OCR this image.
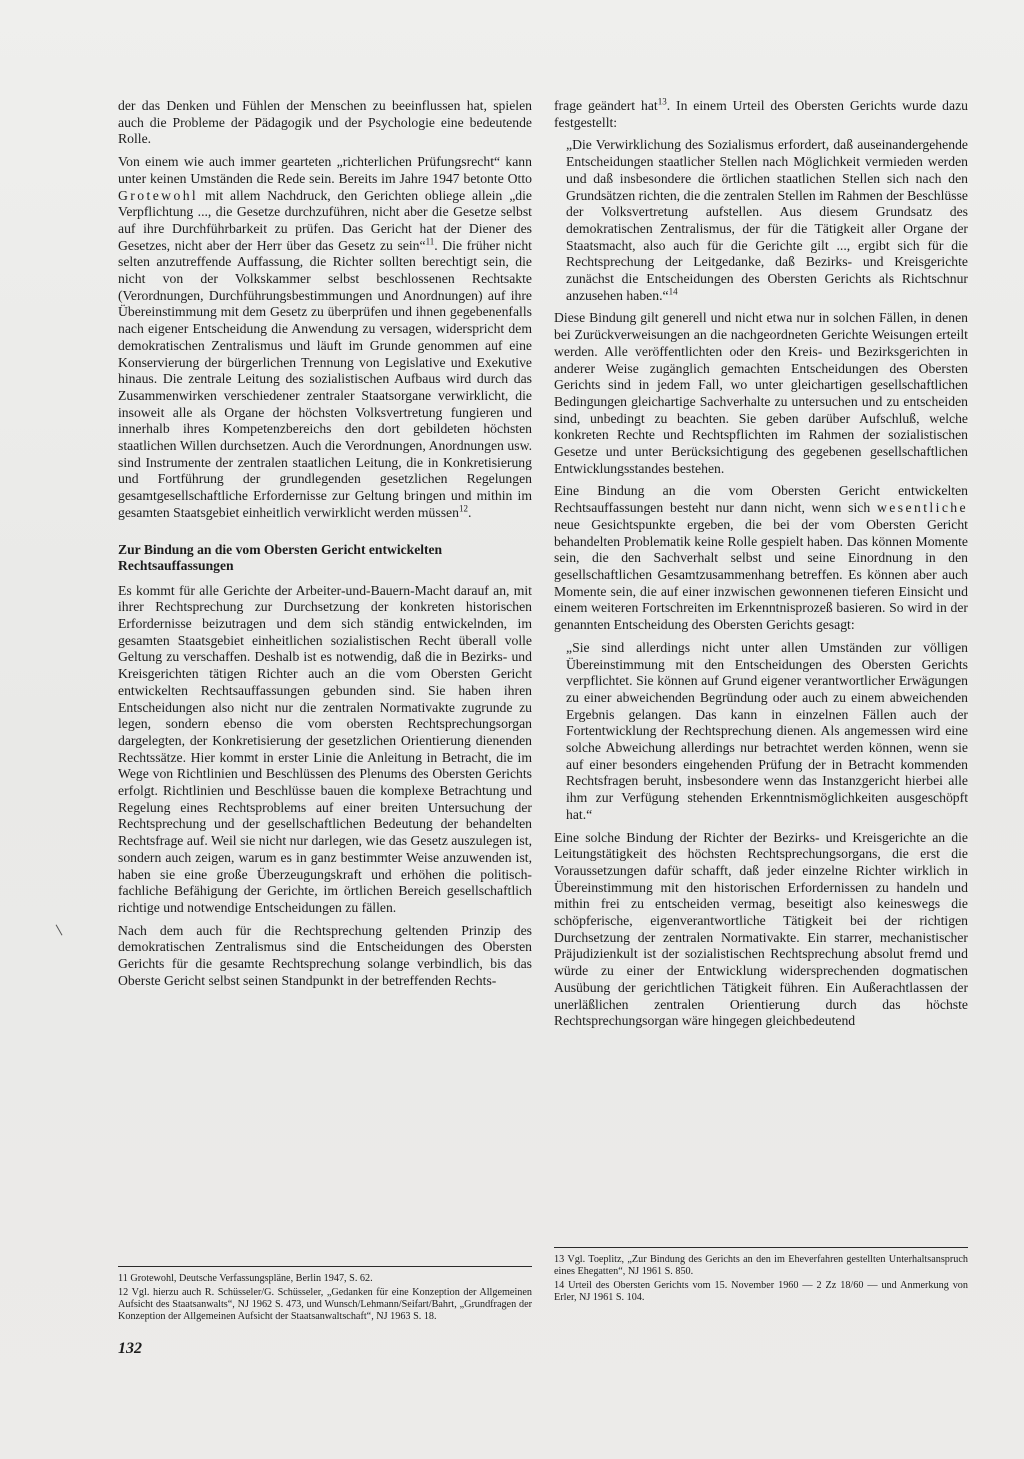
der das Denken und Fühlen der Menschen zu beeinflussen hat, spielen auch die Probleme der Pädagogik und der Psychologie eine bedeutende Rolle.

Von einem wie auch immer gearteten „richterlichen Prüfungsrecht“ kann unter keinen Umständen die Rede sein. Bereits im Jahre 1947 betonte Otto Grotewohl mit allem Nachdruck, den Gerichten obliege allein „die Verpflichtung ..., die Gesetze durchzuführen, nicht aber die Gesetze selbst auf ihre Durchführbarkeit zu prüfen. Das Gericht hat der Diener des Gesetzes, nicht aber der Herr über das Gesetz zu sein“$^{11}$. Die früher nicht selten anzutreffende Auffassung, die Richter sollten berechtigt sein, die nicht von der Volkskammer selbst beschlossenen Rechtsakte (Verordnungen, Durchführungsbestimmungen und Anordnungen) auf ihre Übereinstimmung mit dem Gesetz zu überprüfen und ihnen gegebenenfalls nach eigener Entscheidung die Anwendung zu versagen, widerspricht dem demokratischen Zentralismus und läuft im Grunde genommen auf eine Konservierung der bürgerlichen Trennung von Legislative und Exekutive hinaus. Die zentrale Leitung des sozialistischen Aufbaus wird durch das Zusammenwirken verschiedener zentraler Staatsorgane verwirklicht, die insoweit alle als Organe der höchsten Volksvertretung fungieren und innerhalb ihres Kompetenzbereichs den dort gebildeten höchsten staatlichen Willen durchsetzen. Auch die Verordnungen, Anordnungen usw. sind Instrumente der zentralen staatlichen Leitung, die in Konkretisierung und Fortführung der grundlegenden gesetzlichen Regelungen gesamtgesellschaftliche Erfordernisse zur Geltung bringen und mithin im gesamten Staatsgebiet einheitlich verwirklicht werden müssen$^{12}$.

Zur Bindung an die vom Obersten Gericht entwickelten Rechtsauffassungen

Es kommt für alle Gerichte der Arbeiter-und-Bauern-Macht darauf an, mit ihrer Rechtsprechung zur Durchsetzung der konkreten historischen Erfordernisse beizutragen und dem sich ständig entwickelnden, im gesamten Staatsgebiet einheitlichen sozialistischen Recht überall volle Geltung zu verschaffen. Deshalb ist es notwendig, daß die in Bezirks- und Kreisgerichten tätigen Richter auch an die vom Obersten Gericht entwickelten Rechtsauffassungen gebunden sind. Sie haben ihren Entscheidungen also nicht nur die zentralen Normativakte zugrunde zu legen, sondern ebenso die vom obersten Rechtsprechungsorgan dargelegten, der Konkretisierung der gesetzlichen Orientierung dienenden Rechtssätze. Hier kommt in erster Linie die Anleitung in Betracht, die im Wege von Richtlinien und Beschlüssen des Plenums des Obersten Gerichts erfolgt. Richtlinien und Beschlüsse bauen die komplexe Betrachtung und Regelung eines Rechtsproblems auf einer breiten Untersuchung der Rechtsprechung und der gesellschaftlichen Bedeutung der behandelten Rechtsfrage auf. Weil sie nicht nur darlegen, wie das Gesetz auszulegen ist, sondern auch zeigen, warum es in ganz bestimmter Weise anzuwenden ist, haben sie eine große Überzeugungskraft und erhöhen die politisch-fachliche Befähigung der Gerichte, im örtlichen Bereich gesellschaftlich richtige und notwendige Entscheidungen zu fällen.

Nach dem auch für die Rechtsprechung geltenden Prinzip des demokratischen Zentralismus sind die Entscheidungen des Obersten Gerichts für die gesamte Rechtsprechung solange verbindlich, bis das Oberste Gericht selbst seinen Standpunkt in der betreffenden Rechts-

frage geändert hat$^{13}$. In einem Urteil des Obersten Gerichts wurde dazu festgestellt:

„Die Verwirklichung des Sozialismus erfordert, daß auseinandergehende Entscheidungen staatlicher Stellen nach Möglichkeit vermieden werden und daß insbesondere die örtlichen staatlichen Stellen sich nach den Grundsätzen richten, die die zentralen Stellen im Rahmen der Beschlüsse der Volksvertretung aufstellen. Aus diesem Grundsatz des demokratischen Zentralismus, der für die Tätigkeit aller Organe der Staatsmacht, also auch für die Gerichte gilt ..., ergibt sich für die Rechtsprechung der Leitgedanke, daß Bezirks- und Kreisgerichte zunächst die Entscheidungen des Obersten Gerichts als Richtschnur anzusehen haben.“$^{14}$

Diese Bindung gilt generell und nicht etwa nur in solchen Fällen, in denen bei Zurückverweisungen an die nachgeordneten Gerichte Weisungen erteilt werden. Alle veröffentlichten oder den Kreis- und Bezirksgerichten in anderer Weise zugänglich gemachten Entscheidungen des Obersten Gerichts sind in jedem Fall, wo unter gleichartigen gesellschaftlichen Bedingungen gleichartige Sachverhalte zu untersuchen und zu entscheiden sind, unbedingt zu beachten. Sie geben darüber Aufschluß, welche konkreten Rechte und Rechtspflichten im Rahmen der sozialistischen Gesetze und unter Berücksichtigung des gegebenen gesellschaftlichen Entwicklungsstandes bestehen.

Eine Bindung an die vom Obersten Gericht entwickelten Rechtsauffassungen besteht nur dann nicht, wenn sich wesentliche neue Gesichtspunkte ergeben, die bei der vom Obersten Gericht behandelten Problematik keine Rolle gespielt haben. Das können Momente sein, die den Sachverhalt selbst und seine Einordnung in den gesellschaftlichen Gesamtzusammenhang betreffen. Es können aber auch Momente sein, die auf einer inzwischen gewonnenen tieferen Einsicht und einem weiteren Fortschreiten im Erkenntnisprozeß basieren. So wird in der genannten Entscheidung des Obersten Gerichts gesagt:

„Sie sind allerdings nicht unter allen Umständen zur völligen Übereinstimmung mit den Entscheidungen des Obersten Gerichts verpflichtet. Sie können auf Grund eigener verantwortlicher Erwägungen zu einer abweichenden Begründung oder auch zu einem abweichenden Ergebnis gelangen. Das kann in einzelnen Fällen auch der Fortentwicklung der Rechtsprechung dienen. Als angemessen wird eine solche Abweichung allerdings nur betrachtet werden können, wenn sie auf einer besonders eingehenden Prüfung der in Betracht kommenden Rechtsfragen beruht, insbesondere wenn das Instanzgericht hierbei alle ihm zur Verfügung stehenden Erkenntnismöglichkeiten ausgeschöpft hat.“

Eine solche Bindung der Richter der Bezirks- und Kreisgerichte an die Leitungstätigkeit des höchsten Rechtsprechungsorgans, die erst die Voraussetzungen dafür schafft, daß jeder einzelne Richter wirklich in Übereinstimmung mit den historischen Erfordernissen zu handeln und mithin frei zu entscheiden vermag, beseitigt also keineswegs die schöpferische, eigenverantwortliche Tätigkeit bei der richtigen Durchsetzung der zentralen Normativakte. Ein starrer, mechanistischer Präjudizienkult ist der sozialistischen Rechtsprechung absolut fremd und würde zu einer der Entwicklung widersprechenden dogmatischen Ausübung der gerichtlichen Tätigkeit führen. Ein Außerachtlassen der unerläßlichen zentralen Orientierung durch das höchste Rechtsprechungsorgan wäre hingegen gleichbedeutend

11 Grotewohl, Deutsche Verfassungspläne, Berlin 1947, S. 62.

12 Vgl. hierzu auch R. Schüsseler/G. Schüsseler, „Gedanken für eine Konzeption der Allgemeinen Aufsicht des Staatsanwalts“, NJ 1962 S. 473, und Wunsch/Lehmann/Seifart/Bahrt, „Grundfragen der Konzeption der Allgemeinen Aufsicht der Staatsanwaltschaft“, NJ 1963 S. 18.

13 Vgl. Toeplitz, „Zur Bindung des Gerichts an den im Eheverfahren gestellten Unterhaltsanspruch eines Ehegatten“, NJ 1961 S. 850.

14 Urteil des Obersten Gerichts vom 15. November 1960 — 2 Zz 18/60 — und Anmerkung von Erler, NJ 1961 S. 104.

132
